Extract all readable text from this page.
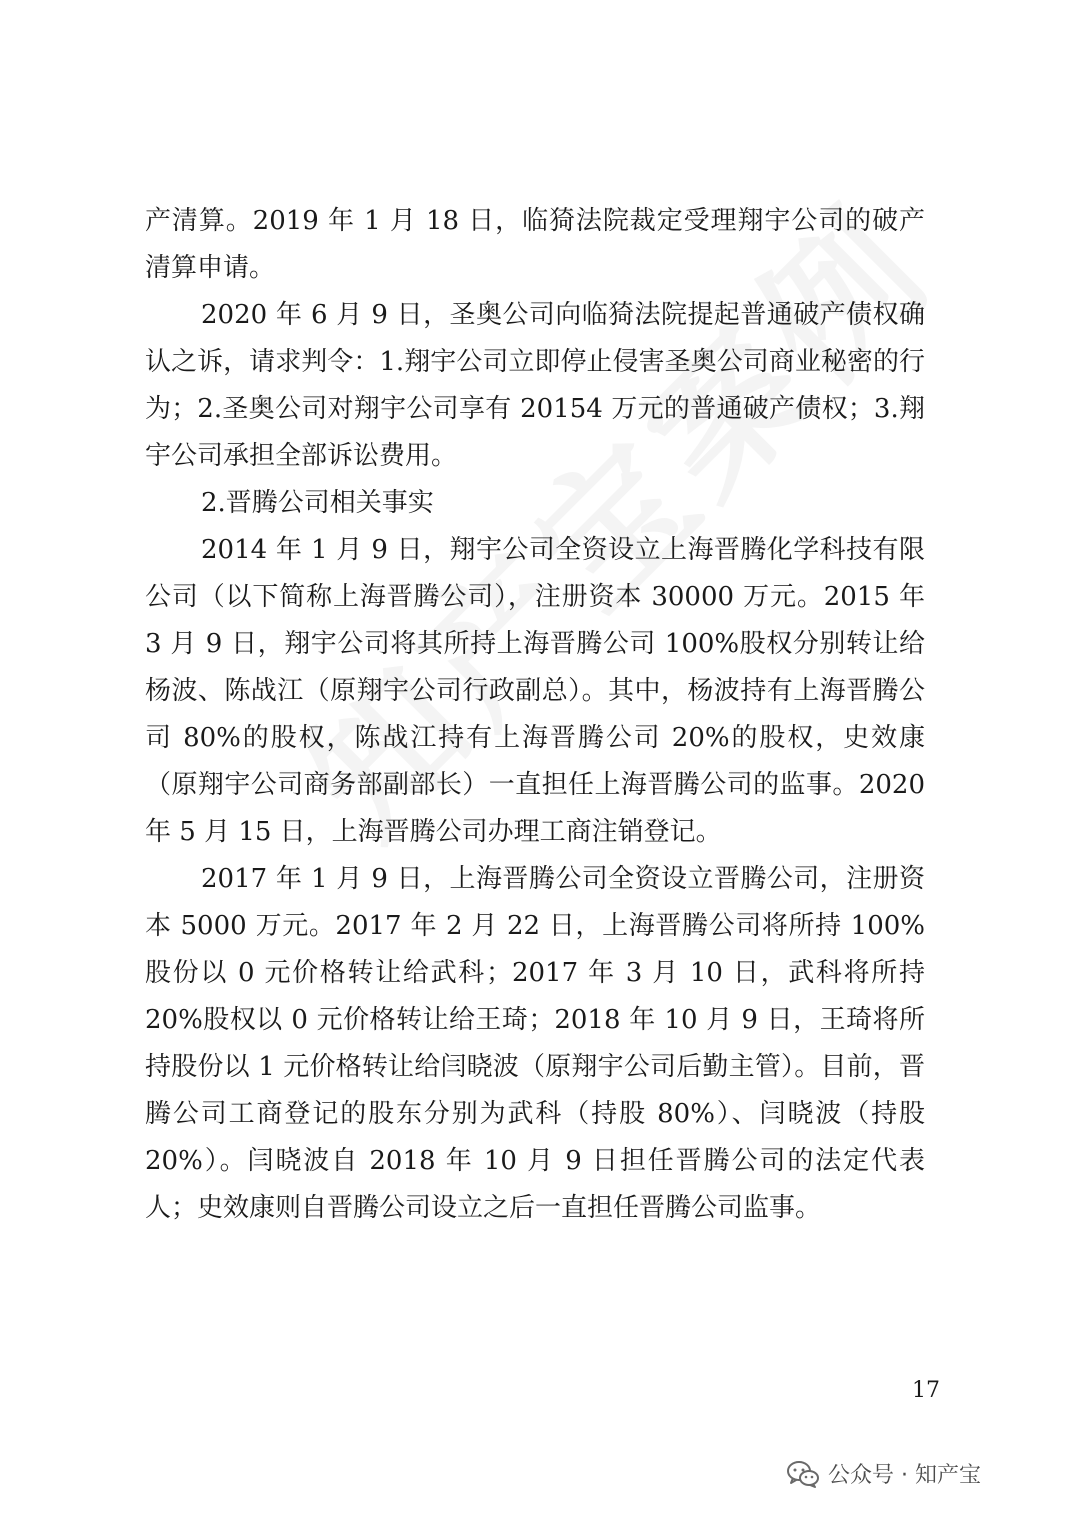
产清算。2019 年 1 月 18 日，临猗法院裁定受理翔宇公司的破产清算申请。

2020 年 6 月 9 日，圣奥公司向临猗法院提起普通破产债权确认之诉，请求判令：1.翔宇公司立即停止侵害圣奥公司商业秘密的行为；2.圣奥公司对翔宇公司享有 20154 万元的普通破产债权；3.翔宇公司承担全部诉讼费用。

2.晋腾公司相关事实

2014 年 1 月 9 日，翔宇公司全资设立上海晋腾化学科技有限公司（以下简称上海晋腾公司），注册资本 30000 万元。2015 年 3 月 9 日，翔宇公司将其所持上海晋腾公司 100%股权分别转让给杨波、陈战江（原翔宇公司行政副总）。其中，杨波持有上海晋腾公司 80%的股权，陈战江持有上海晋腾公司 20%的股权，史效康（原翔宇公司商务部副部长）一直担任上海晋腾公司的监事。2020 年 5 月 15 日，上海晋腾公司办理工商注销登记。

2017 年 1 月 9 日，上海晋腾公司全资设立晋腾公司，注册资本 5000 万元。2017 年 2 月 22 日，上海晋腾公司将所持 100%股份以 0 元价格转让给武科；2017 年 3 月 10 日，武科将所持 20%股权以 0 元价格转让给王琦；2018 年 10 月 9 日，王琦将所持股份以 1 元价格转让给闫晓波（原翔宇公司后勤主管）。目前，晋腾公司工商登记的股东分别为武科（持股 80%）、闫晓波（持股 20%）。闫晓波自 2018 年 10 月 9 日担任晋腾公司的法定代表人；史效康则自晋腾公司设立之后一直担任晋腾公司监事。

17
公众号 · 知产宝
